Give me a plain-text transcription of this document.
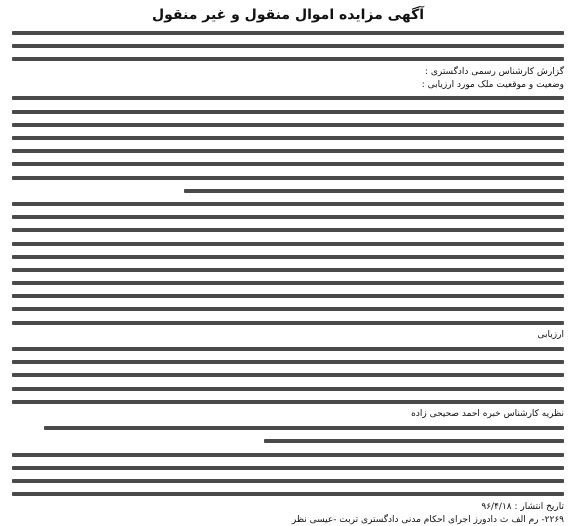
آگهی مزایده اموال منقول و غیر منقول
گزارش کارشناس رسمی دادگستری :
وضعیت و موقعیت ملک مورد ارزیابی :
ارزیابی
نظریه کارشناس خبره احمد صحیحی زاده
تاریخ انتشار : ۹۶/۴/۱۸
۲۲۶۹- رم الف ث دادورز اجرای احکام مدنی دادگستری تربت -عیسی نظر
